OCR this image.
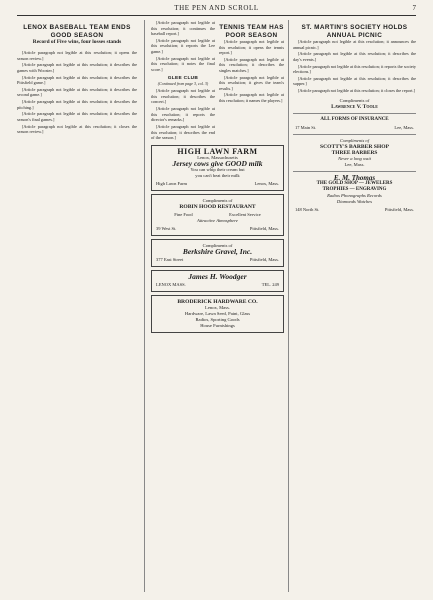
THE PEN AND SCROLL	7
LENOX BASEBALL TEAM ENDS GOOD SEASON
Record of Five wins, four losses stands

[Article paragraph not legible at this resolution; it opens the season review.]

[Article paragraph not legible at this resolution; it describes the games with Wooster.]

[Article paragraph not legible at this resolution; it describes the Pittsfield game.]

[Article paragraph not legible at this resolution; it describes the second game.]

[Article paragraph not legible at this resolution; it describes the pitching.]

[Article paragraph not legible at this resolution; it describes the season's final games.]

[Article paragraph not legible at this resolution; it closes the season review.]

[Article paragraph not legible at this resolution; it continues the baseball report.]

[Article paragraph not legible at this resolution; it reports the Lee game.]

[Article paragraph not legible at this resolution; it notes the final score.]

GLEE CLUB
(Continued from page 3, col. 3)

[Article paragraph not legible at this resolution; it describes the concert.]

[Article paragraph not legible at this resolution; it reports the director's remarks.]

[Article paragraph not legible at this resolution; it describes the end of the season.]

TENNIS TEAM HAS POOR SEASON

[Article paragraph not legible at this resolution; it opens the tennis report.]

[Article paragraph not legible at this resolution; it describes the singles matches.]

[Article paragraph not legible at this resolution; it gives the team's results.]

[Article paragraph not legible at this resolution; it names the players.]

HIGH LAWN FARM
Lenox, Massachusetts
Jersey cows give GOOD milk
You can whip their cream but
you can't beat their milk
High Lawn Farm	Lenox, Mass.
Compliments of
ROBIN HOOD RESTAURANT
Fine Food	Excellent Service
Attractive Atmosphere
39 West St.	Pittsfield, Mass.
Compliments of
Berkshire Gravel, Inc.
377 East Street	Pittsfield, Mass.
James H. Woodger
LENOX MASS.	TEL. 249
BRODERICK HARDWARE CO.
Lenox, Mass.
Hardware, Lawn Seed, Paint, Glass
Radios, Sporting Goods
House Furnishings
ST. MARTIN'S SOCIETY HOLDS ANNUAL PICNIC

[Article paragraph not legible at this resolution; it announces the annual picnic.]

[Article paragraph not legible at this resolution; it describes the day's events.]

[Article paragraph not legible at this resolution; it reports the society elections.]

[Article paragraph not legible at this resolution; it describes the supper.]

[Article paragraph not legible at this resolution; it closes the report.]

Compliments of
Lawrence V. Toole
ALL FORMS OF INSURANCE
17 Main St.	Lee, Mass.
Compliments of
SCOTTY'S BARBER SHOP
THREE BARBERS
Never a long wait
Lee, Mass.
E. M. Thomas
THE GOLD SHOP — JEWELERS
TROPHIES — ENGRAVING
Radios Phonographs Records
Diamonds Watches
148 North St.	Pittsfield, Mass.
